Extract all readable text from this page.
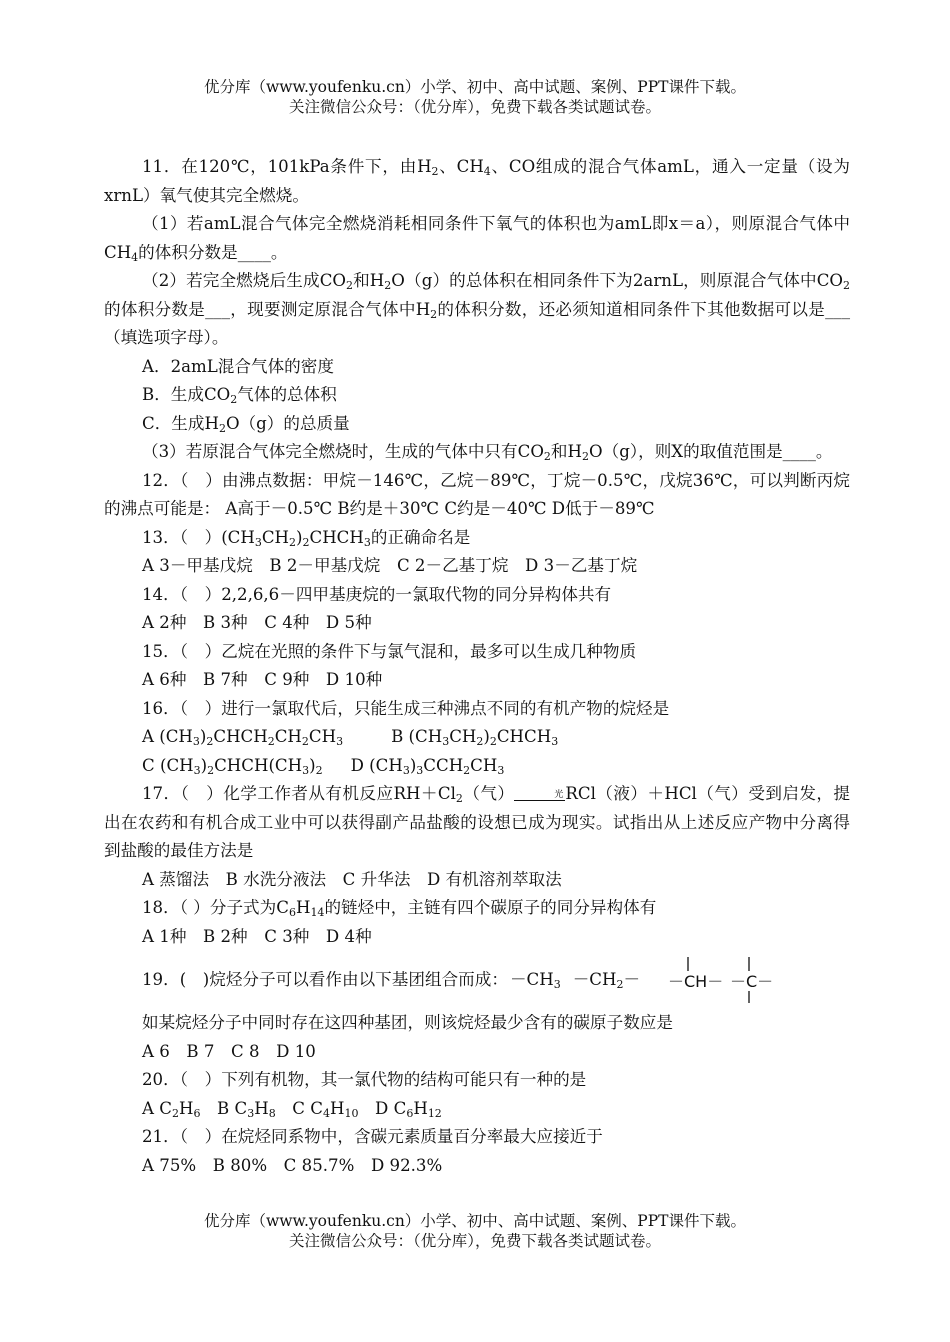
优分库（www.youfenku.cn）小学、初中、高中试题、案例、PPT课件下载。
关注微信公众号：（优分库），免费下载各类试题试卷。

11．在120℃，101kPa条件下，由$H_2$、$CH_4$、CO组成的混合气体amL，通入一定量（设为xrnL）氧气使其完全燃烧。

（1）若amL混合气体完全燃烧消耗相同条件下氧气的体积也为amL即x＝a），则原混合气体中$CH_4$的体积分数是____。

（2）若完全燃烧后生成$CO_2$和$H_2O(g)$的总体积在相同条件下为2arnL，则原混合气体中$CO_2$的体积分数是___，现要测定原混合气体中$H_2$的体积分数，还必须知道相同条件下其他数据可以是___（填选项字母）。

A．2amL混合气体的密度

B．生成$CO_2$气体的总体积

C．生成$H_2O(g)$的总质量

（3）若原混合气体完全燃烧时，生成的气体中只有$CO_2$和$H_2O(g)$，则X的取值范围是____。

12．（　）由沸点数据：甲烷－146℃，乙烷－89℃，丁烷－0.5℃，戊烷36℃，可以判断丙烷的沸点可能是： A高于－0.5℃ B约是＋30℃ C约是－40℃ D低于－89℃

13．（　）$(CH_3CH_2)_2CHCH_3$的正确命名是

A 3－甲基戊烷　B 2－甲基戊烷　C 2－乙基丁烷　D 3－乙基丁烷

14．（　）2,2,6,6－四甲基庚烷的一氯取代物的同分异构体共有

A 2种　B 3种　C 4种　D 5种

15．（　）乙烷在光照的条件下与氯气混和，最多可以生成几种物质

A 6种　B 7种　C 9种　D 10种

16．（　）进行一氯取代后，只能生成三种沸点不同的有机产物的烷烃是

A $(CH_3)_2CHCH_2CH_2CH_3$	B $(CH_3CH_2)_2CHCH_3$

C $(CH_3)_2CHCH(CH_3)_2$ D $(CH_3)_3CCH_2CH_3$

17．（　）化学工作者从有机反应$RH+Cl_2$（气）	光 RCl（液）＋HCl（气）受到启发，提出在农药和有机合成工业中可以获得副产品盐酸的设想已成为现实。试指出从上述反应产物中分离得到盐酸的最佳方法是

A 蒸馏法　B 水洗分液法　C 升华法　D 有机溶剂萃取法

18．（ ）分子式为$C_6H_{14}$的链烃中，主链有四个碳原子的同分异构体有

A 1种　B 2种　C 3种　D 4种

19．(　)烷烃分子可以看作由以下基团组合而成： $-CH_3 -CH_2- -CH- -C-$

如某烷烃分子中同时存在这四种基团，则该烷烃最少含有的碳原子数应是

A 6　B 7　C 8　D 10

20．（　）下列有机物，其一氯代物的结构可能只有一种的是

A $C_2H_6$　 B $C_3H_8$　 C $C_4H_{10}$　 D $C_6H_{12}$

21．（　）在烷烃同系物中，含碳元素质量百分率最大应接近于

A 75%　B 80%　C 85.7%　D 92.3%

优分库（www.youfenku.cn）小学、初中、高中试题、案例、PPT课件下载。
关注微信公众号：（优分库），免费下载各类试题试卷。
